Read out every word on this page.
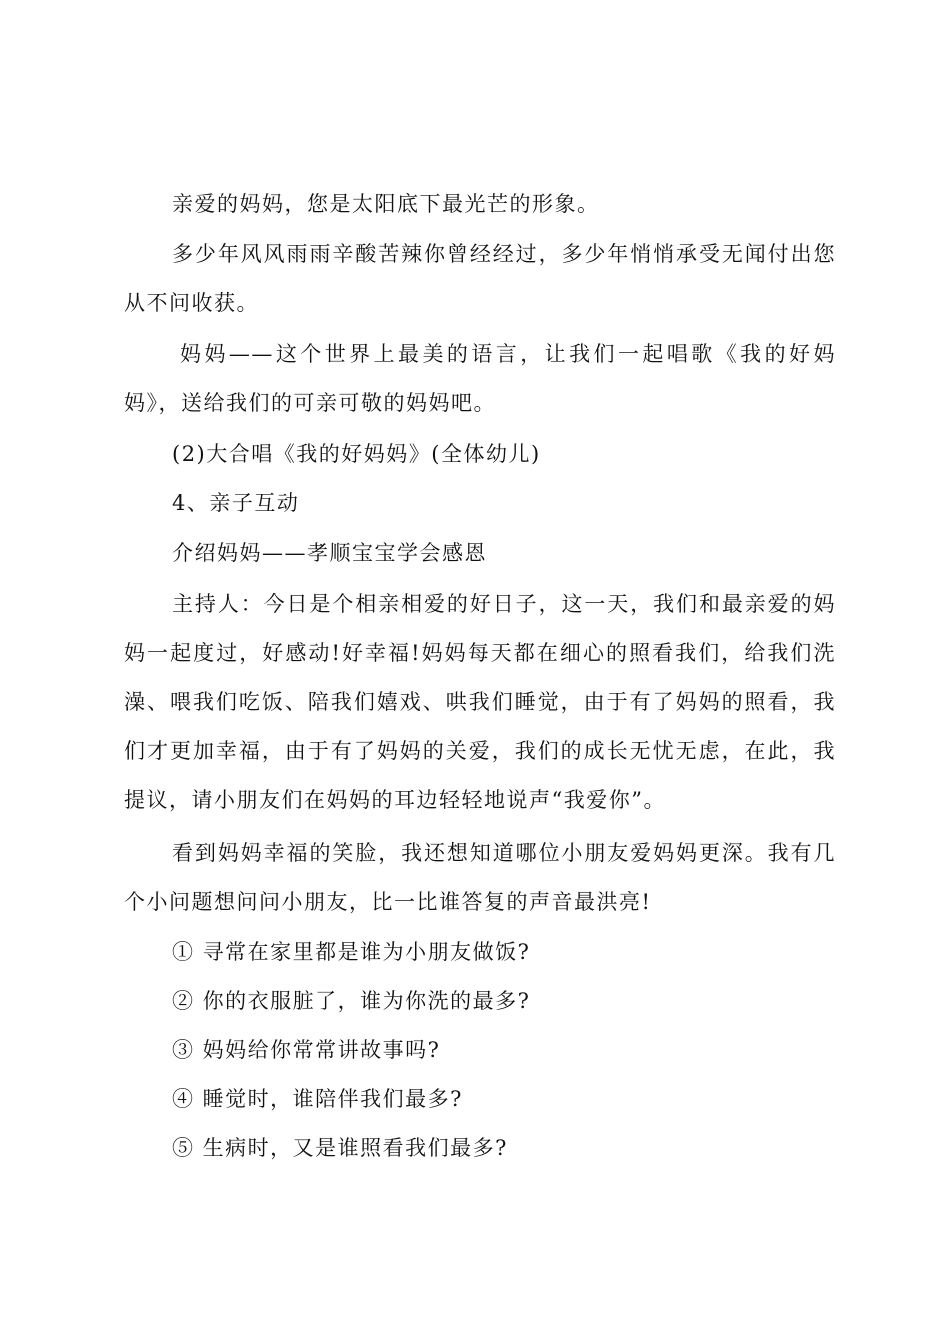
亲爱的妈妈，您是太阳底下最光芒的形象。
多少年风风雨雨辛酸苦辣你曾经经过，多少年悄悄承受无闻付出您
从不问收获。
妈妈——这个世界上最美的语言，让我们一起唱歌《我的好妈
妈》，送给我们的可亲可敬的妈妈吧。
(2)大合唱《我的好妈妈》(全体幼儿)
4、亲子互动
介绍妈妈——孝顺宝宝学会感恩
主持人：今日是个相亲相爱的好日子，这一天，我们和最亲爱的妈
妈一起度过，好感动!好幸福!妈妈每天都在细心的照看我们，给我们洗
澡、喂我们吃饭、陪我们嬉戏、哄我们睡觉，由于有了妈妈的照看，我
们才更加幸福，由于有了妈妈的关爱，我们的成长无忧无虑，在此，我
提议，请小朋友们在妈妈的耳边轻轻地说声“我爱你”。
看到妈妈幸福的笑脸，我还想知道哪位小朋友爱妈妈更深。我有几
个小问题想问问小朋友，比一比谁答复的声音最洪亮!
① 寻常在家里都是谁为小朋友做饭?
② 你的衣服脏了，谁为你洗的最多?
③ 妈妈给你常常讲故事吗?
④ 睡觉时，谁陪伴我们最多?
⑤ 生病时，又是谁照看我们最多?
